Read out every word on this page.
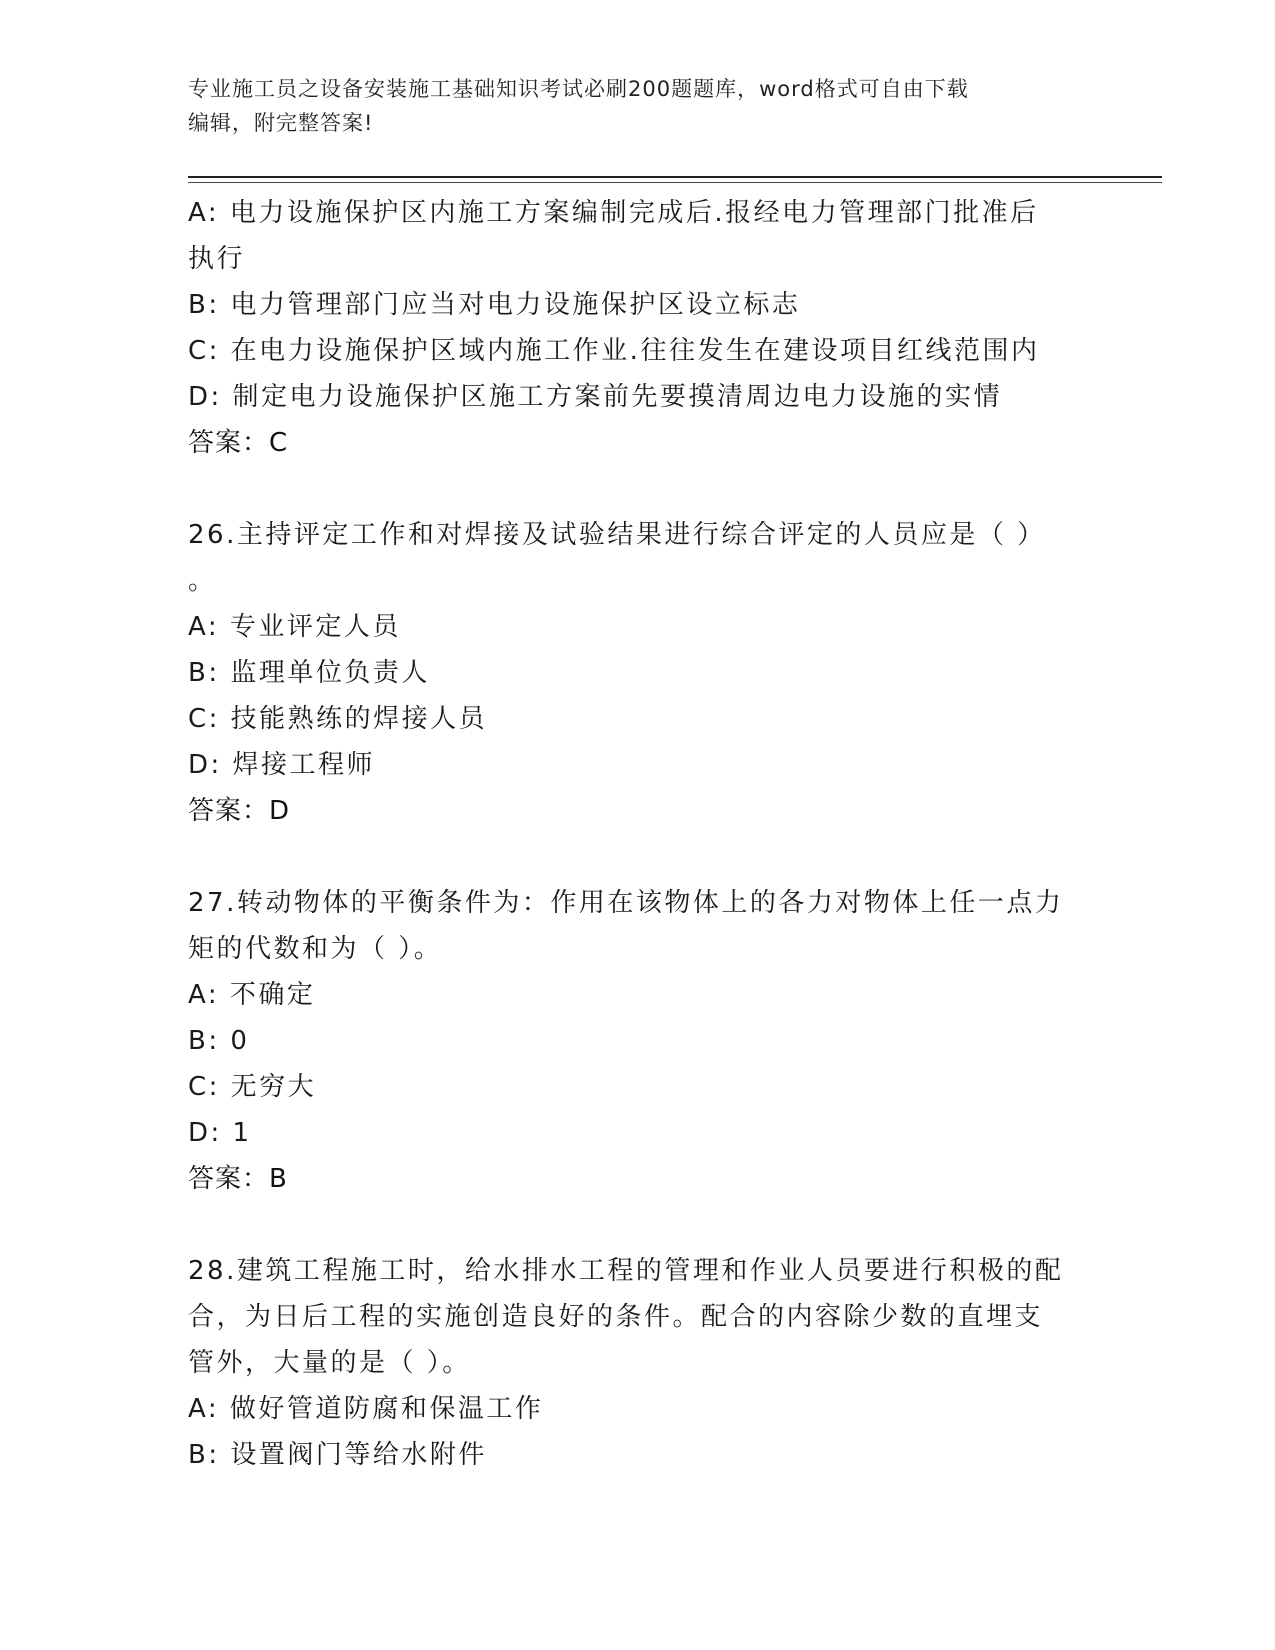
专业施工员之设备安装施工基础知识考试必刷200题题库，word格式可自由下载
编辑，附完整答案!
A: 电力设施保护区内施工方案编制完成后.报经电力管理部门批准后
执行
B: 电力管理部门应当对电力设施保护区设立标志
C: 在电力设施保护区域内施工作业.往往发生在建设项目红线范围内
D: 制定电力设施保护区施工方案前先要摸清周边电力设施的实情
答案：C
26.主持评定工作和对焊接及试验结果进行综合评定的人员应是（ ）
。
A: 专业评定人员
B: 监理单位负责人
C: 技能熟练的焊接人员
D: 焊接工程师
答案：D
27.转动物体的平衡条件为：作用在该物体上的各力对物体上任一点力
矩的代数和为（ ）。
A: 不确定
B: 0
C: 无穷大
D: 1
答案：B
28.建筑工程施工时，给水排水工程的管理和作业人员要进行积极的配
合，为日后工程的实施创造良好的条件。配合的内容除少数的直埋支
管外，大量的是（ ）。
A: 做好管道防腐和保温工作
B: 设置阀门等给水附件
